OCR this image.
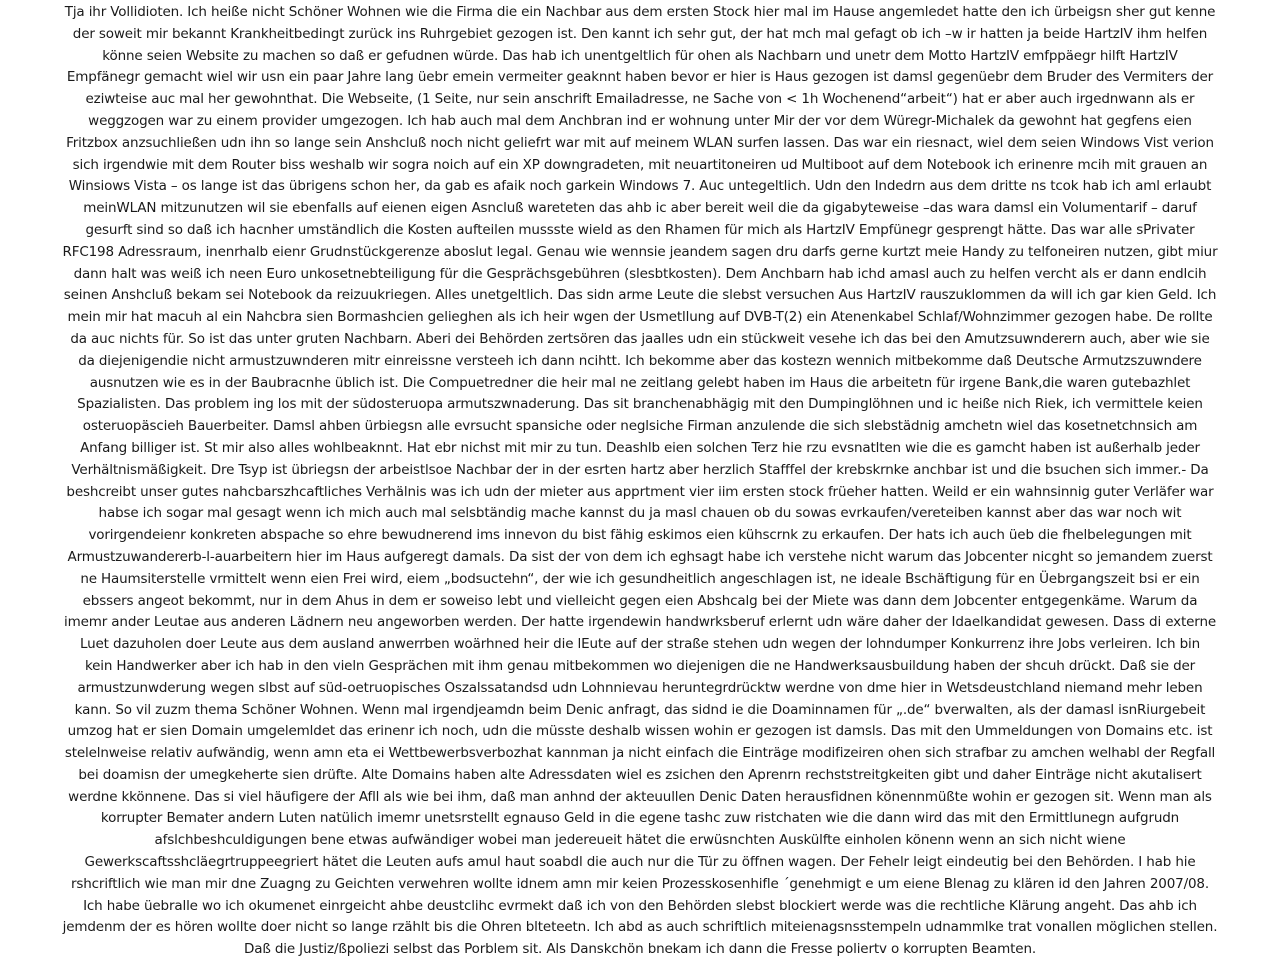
Tja ihr Vollidioten. Ich heiße nicht Schöner Wohnen wie die Firma die ein Nachbar aus dem ersten Stock hier mal im Hause angemledet hatte den ich ürbeigsn sher gut kenne
der soweit mir bekannt Krankheitbedingt zurück ins Ruhrgebiet gezogen ist. Den kannt ich sehr gut, der hat mch mal gefagt ob ich –w ir hatten ja beide HartzIV ihm helfen
könne seien Website zu machen so daß er gefudnen würde. Das hab ich unentgeltlich für ohen als Nachbarn und unetr dem Motto HartzIV emfppäegr hilft HartzIV
Empfänegr gemacht wiel wir usn ein paar Jahre lang üebr emein vermeiter geaknnt haben bevor er hier is Haus gezogen ist damsl gegenüebr dem Bruder des Vermiters der
eziwteise auc mal her gewohnthat. Die Webseite, (1 Seite, nur sein anschrift Emailadresse, ne Sache von < 1h Wochenend“arbeit“) hat er aber auch irgednwann als er
weggzogen war zu einem provider umgezogen. Ich hab auch mal dem Anchbran ind er wohnung unter Mir der vor dem Würegr-Michalek da gewohnt hat gegfens eien
Fritzbox anzsuchließen udn ihn so lange sein Anshcluß noch nicht geliefrt war mit auf meinem WLAN surfen lassen. Das war ein riesnact, wiel dem seien Windows Vist verion
sich irgendwie mit dem Router biss weshalb wir sogra noich auf ein XP downgradeten, mit neuartitoneiren ud Multiboot auf dem Notebook ich erinenre mcih mit grauen an
Winsiows Vista – os lange ist das übrigens schon her, da gab es afaik noch garkein Windows 7. Auc untegeltlich. Udn den Indedrn aus dem dritte ns tcok hab ich aml erlaubt
meinWLAN mitzunutzen wil sie ebenfalls auf eienen eigen Asncluß wareteten das ahb ic aber bereit weil die da gigabyteweise –das wara damsl ein Volumentarif – daruf
gesurft sind so daß ich hacnher umständlich die Kosten aufteilen mussste wield as den Rhamen für mich als HartzIV Empfünegr gesprengt hätte. Das war alle sPrivater
RFC198 Adressraum, inenrhalb eienr Grudnstückgerenze aboslut legal. Genau wie wennsie jeandem sagen dru darfs gerne kurtzt meie Handy zu telfoneiren nutzen, gibt miur
dann halt was weiß ich neen Euro unkosetnebteiligung für die Gesprächsgebühren (slesbtkosten). Dem Anchbarn hab ichd amasl auch zu helfen vercht als er dann endlcih
seinen Anshcluß bekam sei Notebook da reizuukriegen. Alles unetgeltlich. Das sidn arme Leute die slebst versuchen Aus HartzIV rauszuklommen da will ich gar kien Geld. Ich
mein mir hat macuh al ein Nahcbra sien Bormashcien gelieghen als ich heir wgen der Usmetllung auf DVB-T(2) ein Atenenkabel Schlaf/Wohnzimmer gezogen habe. De rollte
da auc nichts für. So ist das unter gruten Nachbarn. Aberi dei Behörden zertsören das jaalles udn ein stückweit vesehe ich das bei den Amutzsuwnderern auch, aber wie sie
da diejenigendie nicht armustzuwnderen mitr einreissne versteeh ich dann ncihtt. Ich bekomme aber das kostezn wennich mitbekomme daß Deutsche Armutzszuwndere
ausnutzen wie es in der Baubracnhe üblich ist. Die Compuetredner die heir mal ne zeitlang gelebt haben im Haus die arbeitetn für irgene Bank,die waren gutebazhlet
Spazialisten. Das problem ing los mit der südosteruopa armutszwnaderung. Das sit branchenabhägig mit den Dumpinglöhnen und ic heiße nich Riek, ich vermittele keien
osteruopäscieh Bauerbeiter. Damsl ahben ürbiegsn alle evrsucht spansiche oder neglsiche Firman anzulende die sich slebstädnig amchetn wiel das kosetnetchnsich am
Anfang billiger ist. St mir also alles wohlbeaknnt. Hat ebr nichst mit mir zu tun. Deashlb eien solchen Terz hie rzu evsnatlten wie die es gamcht haben ist außerhalb jeder
Verhältnismäßigkeit. Dre Tsyp ist übriegsn der arbeistlsoe Nachbar der in der esrten hartz aber herzlich Stafffel der krebskrnke anchbar ist und die bsuchen sich immer.- Da
beshcreibt unser gutes nahcbarszhcaftliches Verhälnis was ich udn der mieter aus apprtment vier iim ersten stock früeher hatten. Weild er ein wahnsinnig guter Verläfer war
habse ich sogar mal gesagt wenn ich mich auch mal selsbtändig mache kannst du ja masl chauen ob du sowas evrkaufen/vereteiben kannst aber das war noch wit
vorirgendeienr konkreten abspache so ehre bewudnerend ims innevon du bist fähig eskimos eien kühscrnk zu erkaufen. Der hats ich auch üeb die fhelbelegungen mit
Armustzuwandererb-l-auarbeitern hier im Haus aufgeregt damals. Da sist der von dem ich eghsagt habe ich verstehe nicht warum das Jobcenter nicght so jemandem zuerst
ne Haumsiterstelle vrmittelt wenn eien Frei wird, eiem „bodsuctehn“, der wie ich gesundheitlich angeschlagen ist, ne ideale Bschäftigung für en Üebrgangszeit bsi er ein
ebssers angeot bekommt, nur in dem Ahus in dem er soweiso lebt und vielleicht gegen eien Abshcalg bei der Miete was dann dem Jobcenter entgegenkäme. Warum da
imemr ander Leutae aus anderen Lädnern neu angeworben werden. Der hatte irgendewin handwrksberuf erlernt udn wäre daher der Idaelkandidat gewesen. Dass di externe
Luet dazuholen doer Leute aus dem ausland anwerrben woärhned heir die lEute auf der straße stehen udn wegen der lohndumper Konkurrenz ihre Jobs verleiren. Ich bin
kein Handwerker aber ich hab in den vieln Gesprächen mit ihm genau mitbekommen wo diejenigen die ne Handwerksausbuildung haben der shcuh drückt. Daß sie der
armustzunwderung wegen slbst auf süd-oetruopisches Oszalssatandsd udn Lohnnievau heruntegrdrücktw werdne von dme hier in Wetsdeustchland niemand mehr leben
kann. So vil zuzm thema Schöner Wohnen. Wenn mal irgendjeamdn beim Denic anfragt, das sidnd ie die Doaminnamen für „.de“ bverwalten, als der damasl isnRiurgebeit
umzog hat er sien Domain umgelemldet das erinenr ich noch, udn die müsste deshalb wissen wohin er gezogen ist damsls. Das mit den Ummeldungen von Domains etc. ist
stelelnweise relativ aufwändig, wenn amn eta ei Wettbewerbsverbozhat kannman ja nicht einfach die Einträge modifizeiren ohen sich strafbar zu amchen welhabl der Regfall
bei doamisn der umegkeherte sien drüfte. Alte Domains haben alte Adressdaten wiel es zsichen den Aprenrn rechststreitgkeiten gibt und daher Einträge nicht akutalisert
werdne kkönnene. Das si viel häufigere der Afll als wie bei ihm, daß man anhnd der akteuullen Denic Daten herausfidnen könennmüßte wohin er gezogen sit. Wenn man als
korrupter Bemater andern Luten natülich imemr unetsrstellt egnauso Geld in die egene tashc zuw ristchaten wie die dann wird das mit den Ermittlunegn aufgrudn
afslchbeshculdigungen bene etwas aufwändiger wobei man jedereueit hätet die erwüsnchten Auskülfte einholen könenn wenn an sich nicht wiene
Gewerkscaftsshcläegrtruppeegriert hätet die Leuten aufs amul haut soabdl die auch nur die Tür zu öffnen wagen. Der Fehelr leigt eindeutig bei den Behörden. I hab hie
rshcriftlich wie man mir dne Zuagng zu Geichten verwehren wollte idnem amn mir keien Prozesskosenhifle ´genehmigt e um eiene Blenag zu klären id den Jahren 2007/08.
Ich habe üebralle wo ich okumenet einrgeicht ahbe deustclihc evrmekt daß ich von den Behörden slebst blockiert werde was die rechtliche Klärung angeht. Das ahb ich
jemdenm der es hören wollte doer nicht so lange rzählt bis die Ohren blteteetn. Ich abd as auch schriftlich miteienagsnsstempeln udnammlke trat vonallen möglichen stellen.
Daß die Justiz/ßpoliezi selbst das Porblem sit. Als Danskchön bnekam ich dann die Fresse poliertv o korrupten Beamten.
